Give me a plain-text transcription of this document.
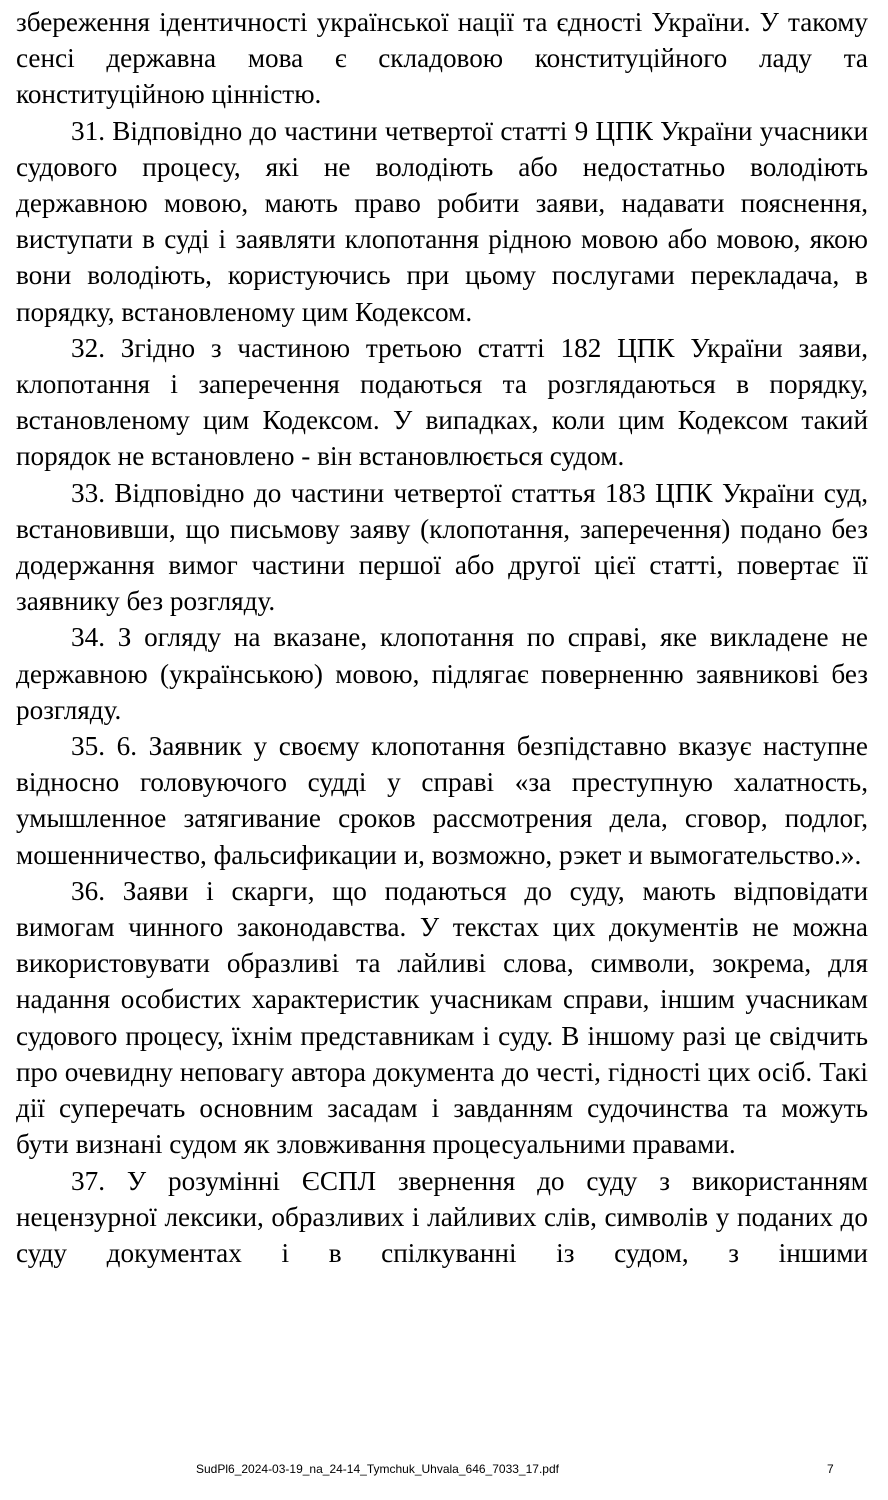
збереження ідентичності української нації та єдності України. У такому сенсі державна мова є складовою конституційного ладу та конституційною цінністю.

31. Відповідно до частини четвертої статті 9 ЦПК України учасники судового процесу, які не володіють або недостатньо володіють державною мовою, мають право робити заяви, надавати пояснення, виступати в суді і заявляти клопотання рідною мовою або мовою, якою вони володіють, користуючись при цьому послугами перекладача, в порядку, встановленому цим Кодексом.

32. Згідно з частиною третьою статті 182 ЦПК України заяви, клопотання і заперечення подаються та розглядаються в порядку, встановленому цим Кодексом. У випадках, коли цим Кодексом такий порядок не встановлено - він встановлюється судом.

33. Відповідно до частини четвертої статтья 183 ЦПК України суд, встановивши, що письмову заяву (клопотання, заперечення) подано без додержання вимог частини першої або другої цієї статті, повертає її заявнику без розгляду.

34. З огляду на вказане, клопотання по справі, яке викладене не державною (українською) мовою, підлягає поверненню заявникові без розгляду.

35. 6. Заявник у своєму клопотання безпідставно вказує наступне відносно головуючого судді у справі «за преступную халатность, умышленное затягивание сроков рассмотрения дела, сговор, подлог, мошенничество, фальсификации и, возможно, рэкет и вымогательство.».

36. Заяви і скарги, що подаються до суду, мають відповідати вимогам чинного законодавства. У текстах цих документів не можна використовувати образливі та лайливі слова, символи, зокрема, для надання особистих характеристик учасникам справи, іншим учасникам судового процесу, їхнім представникам і суду. В іншому разі це свідчить про очевидну неповагу автора документа до честі, гідності цих осіб. Такі дії суперечать основним засадам і завданням судочинства та можуть бути визнані судом як зловживання процесуальними правами.

37. У розумінні ЄСПЛ звернення до суду з використанням нецензурної лексики, образливих і лайливих слів, символів у поданих до суду документах і в спілкуванні із судом, з іншими

SudPl6_2024-03-19_na_24-14_Tymchuk_Uhvala_646_7033_17.pdf	7
